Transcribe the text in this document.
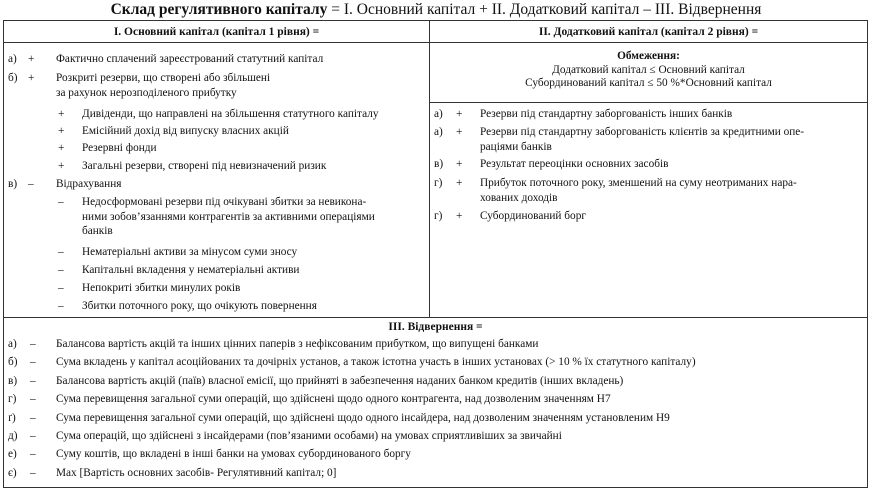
Склад регулятивного капіталу = І. Основний капітал + ІІ. Додатковий капітал – ІІІ. Відвернення
І. Основний капітал (капітал 1 рівня) =	ІІ. Додатковий капітал (капітал 2 рівня) =
а) + Фактично сплачений зареєстрований статутний капітал
б) + Розкриті резерви, що створені або збільшені
за рахунок нерозподіленого прибутку
+ Дивіденди, що направлені на збільшення статутного капіталу
+ Емісійний дохід від випуску власних акцій
+ Резервні фонди
+ Загальні резерви, створені під невизначений ризик
в) – Відрахування
– Недосформовані резерви під очікувані збитки за невикона-
ними зобов’язаннями контрагентів за активними операціями
банків
– Нематеріальні активи за мінусом суми зносу
– Капітальні вкладення у нематеріальні активи
– Непокриті збитки минулих років
– Збитки поточного року, що очікують повернення
Обмеження:
Додатковий капітал ≤ Основний капітал
Субординований капітал ≤ 50 %*Основний капітал
а) + Резерви під стандартну заборгованість інших банків
а) + Резерви під стандартну заборгованість клієнтів за кредитними опе-
раціями банків
в) + Результат переоцінки основних засобів
г) + Прибуток поточного року, зменшений на суму неотриманих нара-
хованих доходів
г) + Субординований борг
ІІІ. Відвернення =
а) – Балансова вартість акцій та інших цінних паперів з нефіксованим прибутком, що випущені банками
б) – Сума вкладень у капітал асоційованих та дочірніх установ, а також істотна участь в інших установах (> 10 % їх статутного капіталу)
в) – Балансова вартість акцій (паїв) власної емісії, що прийняті в забезпечення наданих банком кредитів (інших вкладень)
г) – Сума перевищення загальної суми операцій, що здійснені щодо одного контрагента, над дозволеним значенням Н7
ґ) – Сума перевищення загальної суми операцій, що здійснені щодо одного інсайдера, над дозволеним значенням установленим Н9
д) – Сума операцій, що здійснені з інсайдерами (пов’язаними особами) на умовах сприятливіших за звичайні
е) – Суму коштів, що вкладені в інші банки на умовах субординованого боргу
є) – Max [Вартість основних засобів- Регулятивний капітал; 0]
